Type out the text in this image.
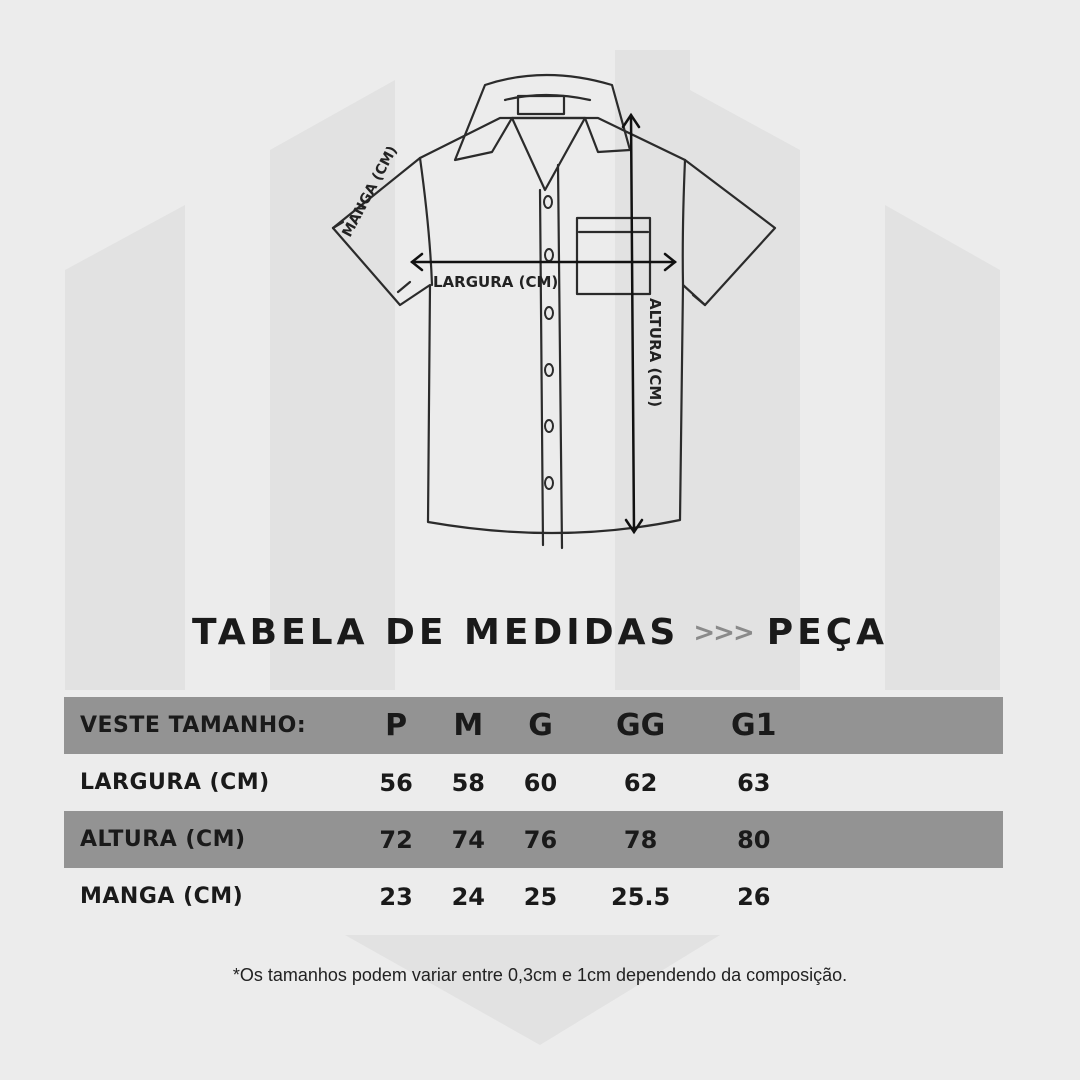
LARGURA (CM)
ALTURA (CM)
MANGA (CM)
TABELA DE MEDIDAS >>> PEÇA
VESTE TAMANHO:	P	M	G	GG	G1	
LARGURA (CM)	56	58	60	62	63	
ALTURA (CM)	72	74	76	78	80	
MANGA (CM)	23	24	25	25.5	26	
*Os tamanhos podem variar entre 0,3cm e 1cm dependendo da composição.
